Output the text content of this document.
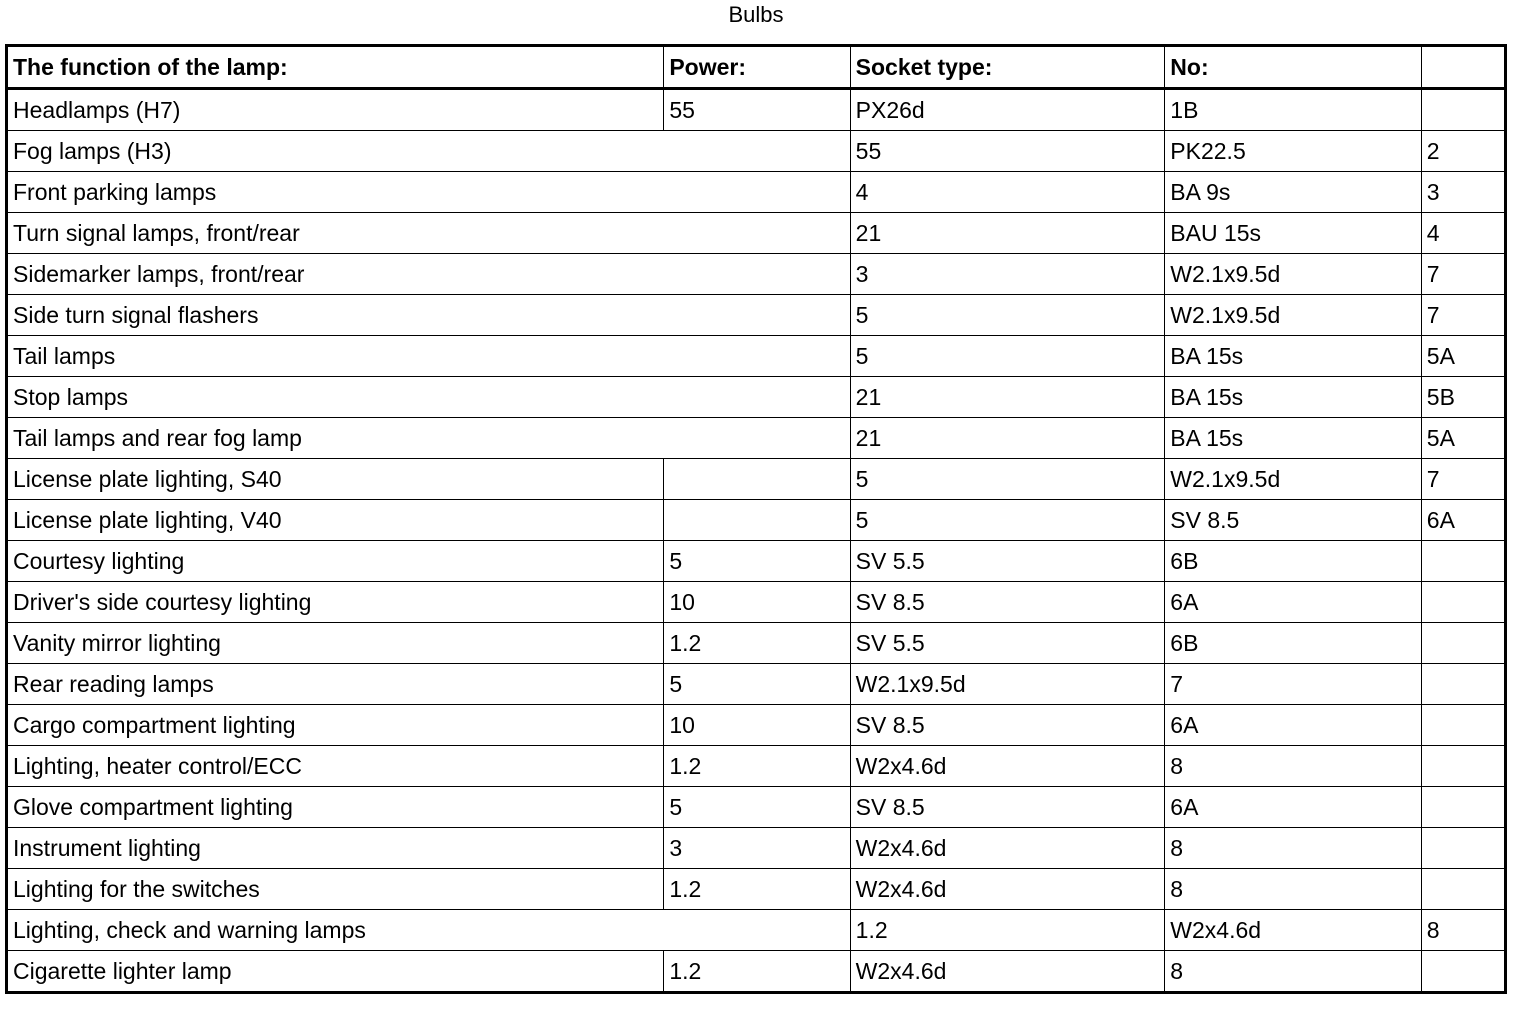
Bulbs
The function of the lamp:	Power:	Socket type:	No:	
Headlamps (H7)	55	PX26d	1B	
Fog lamps (H3)		55	PK22.5	2
Front parking lamps		4	BA 9s	3
Turn signal lamps, front/rear		21	BAU 15s	4
Sidemarker lamps, front/rear		3	W2.1x9.5d	7
Side turn signal flashers		5	W2.1x9.5d	7
Tail lamps		5	BA 15s	5A
Stop lamps		21	BA 15s	5B
Tail lamps and rear fog lamp		21	BA 15s	5A
License plate lighting, S40		5	W2.1x9.5d	7
License plate lighting, V40		5	SV 8.5	6A
Courtesy lighting	5	SV 5.5	6B	
Driver's side courtesy lighting	10	SV 8.5	6A	
Vanity mirror lighting	1.2	SV 5.5	6B	
Rear reading lamps	5	W2.1x9.5d	7	
Cargo compartment lighting	10	SV 8.5	6A	
Lighting, heater control/ECC	1.2	W2x4.6d	8	
Glove compartment lighting	5	SV 8.5	6A	
Instrument lighting	3	W2x4.6d	8	
Lighting for the switches	1.2	W2x4.6d	8	
Lighting, check and warning lamps		1.2	W2x4.6d	8
Cigarette lighter lamp	1.2	W2x4.6d	8	
